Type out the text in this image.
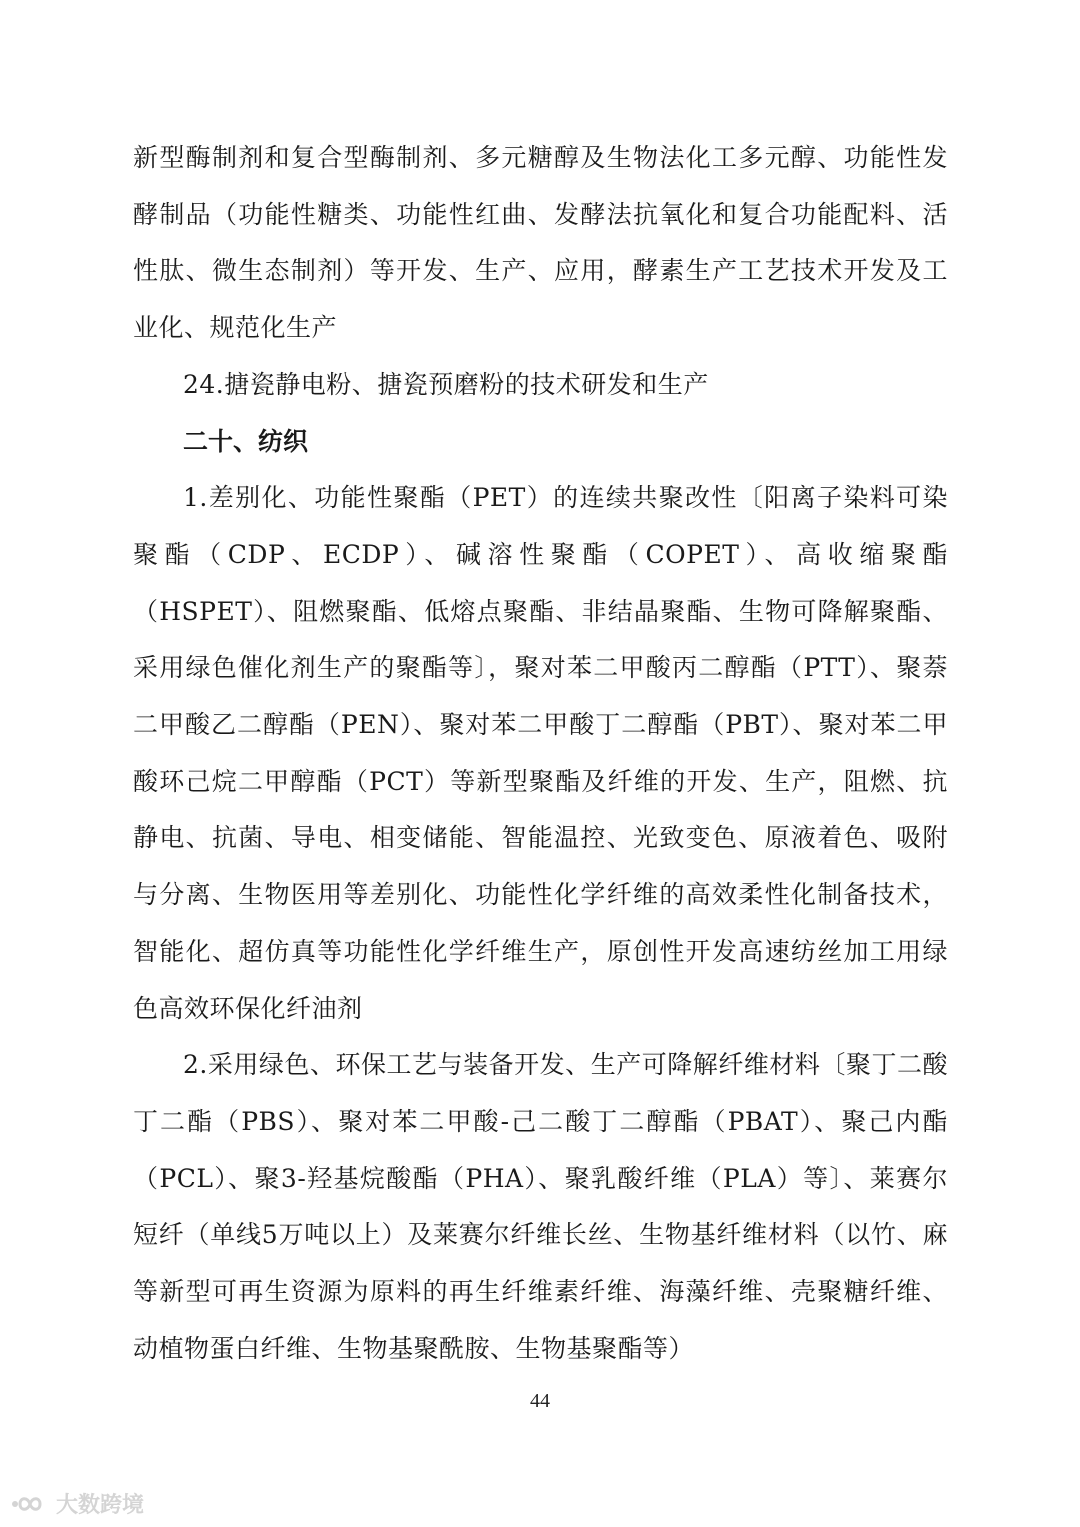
新型酶制剂和复合型酶制剂、多元糖醇及生物法化工多元醇、功能性发酵制品（功能性糖类、功能性红曲、发酵法抗氧化和复合功能配料、活性肽、微生态制剂）等开发、生产、应用，酵素生产工艺技术开发及工业化、规范化生产

24.搪瓷静电粉、搪瓷预磨粉的技术研发和生产

二十、纺织

1.差别化、功能性聚酯（PET）的连续共聚改性〔阳离子染料可染聚酯（CDP、ECDP）、碱溶性聚酯（COPET）、高收缩聚酯（HSPET）、阻燃聚酯、低熔点聚酯、非结晶聚酯、生物可降解聚酯、采用绿色催化剂生产的聚酯等〕，聚对苯二甲酸丙二醇酯（PTT）、聚萘二甲酸乙二醇酯（PEN）、聚对苯二甲酸丁二醇酯（PBT）、聚对苯二甲酸环己烷二甲醇酯（PCT）等新型聚酯及纤维的开发、生产，阻燃、抗静电、抗菌、导电、相变储能、智能温控、光致变色、原液着色、吸附与分离、生物医用等差别化、功能性化学纤维的高效柔性化制备技术，智能化、超仿真等功能性化学纤维生产，原创性开发高速纺丝加工用绿色高效环保化纤油剂

2.采用绿色、环保工艺与装备开发、生产可降解纤维材料〔聚丁二酸丁二酯（PBS）、聚对苯二甲酸-己二酸丁二醇酯（PBAT）、聚己内酯（PCL）、聚3-羟基烷酸酯（PHA）、聚乳酸纤维（PLA）等〕、莱赛尔短纤（单线5万吨以上）及莱赛尔纤维长丝、生物基纤维材料（以竹、麻等新型可再生资源为原料的再生纤维素纤维、海藻纤维、壳聚糖纤维、动植物蛋白纤维、生物基聚酰胺、生物基聚酯等）

44
大数跨境
